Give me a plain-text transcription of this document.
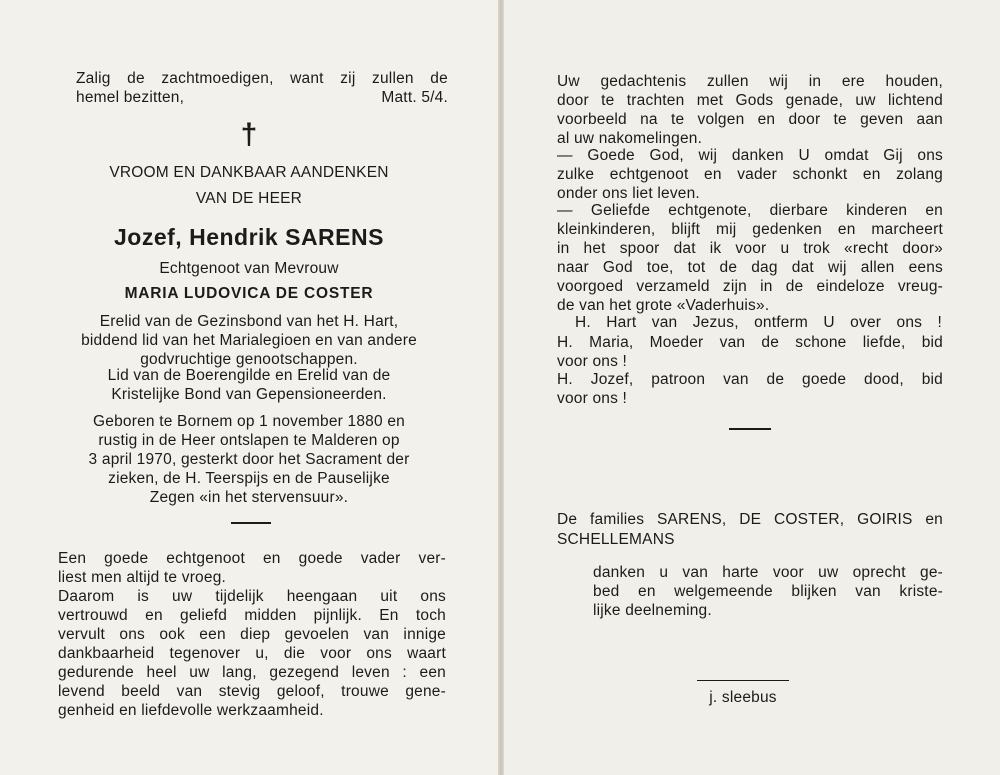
Zalig de zachtmoedigen, want zij zullen de
hemel bezitten,	Matt. 5/4.
†
VROOM EN DANKBAAR AANDENKEN
VAN DE HEER
Jozef, Hendrik SARENS
Echtgenoot van Mevrouw
MARIA LUDOVICA DE COSTER
Erelid van de Gezinsbond van het H. Hart,
biddend lid van het Marialegioen en van andere
godvruchtige genootschappen.
Lid van de Boerengilde en Erelid van de
Kristelijke Bond van Gepensioneerden.
Geboren te Bornem op 1 november 1880 en
rustig in de Heer ontslapen te Malderen op
3 april 1970, gesterkt door het Sacrament der
zieken, de H. Teerspijs en de Pauselijke
Zegen «in het stervensuur».
Een goede echtgenoot en goede vader ver-
liest men altijd te vroeg.
Daarom is uw tijdelijk heengaan uit ons
vertrouwd en geliefd midden pijnlijk. En toch
vervult ons ook een diep gevoelen van innige
dankbaarheid tegenover u, die voor ons waart
gedurende heel uw lang, gezegend leven : een
levend beeld van stevig geloof, trouwe gene-
genheid en liefdevolle werkzaamheid.
Uw gedachtenis zullen wij in ere houden,
door te trachten met Gods genade, uw lichtend
voorbeeld na te volgen en door te geven aan
al uw nakomelingen.
— Goede God, wij danken U omdat Gij ons
zulke echtgenoot en vader schonkt en zolang
onder ons liet leven.
— Geliefde echtgenote, dierbare kinderen en
kleinkinderen, blijft mij gedenken en marcheert
in het spoor dat ik voor u trok «recht door»
naar God toe, tot de dag dat wij allen eens
voorgoed verzameld zijn in de eindeloze vreug-
de van het grote «Vaderhuis».
H. Hart van Jezus, ontferm U over ons !
H. Maria, Moeder van de schone liefde, bid
voor ons !
H. Jozef, patroon van de goede dood, bid
voor ons !
De families SARENS, DE COSTER, GOIRIS en
SCHELLEMANS
danken u van harte voor uw oprecht ge-
bed en welgemeende blijken van kriste-
lijke deelneming.
j. sleebus
